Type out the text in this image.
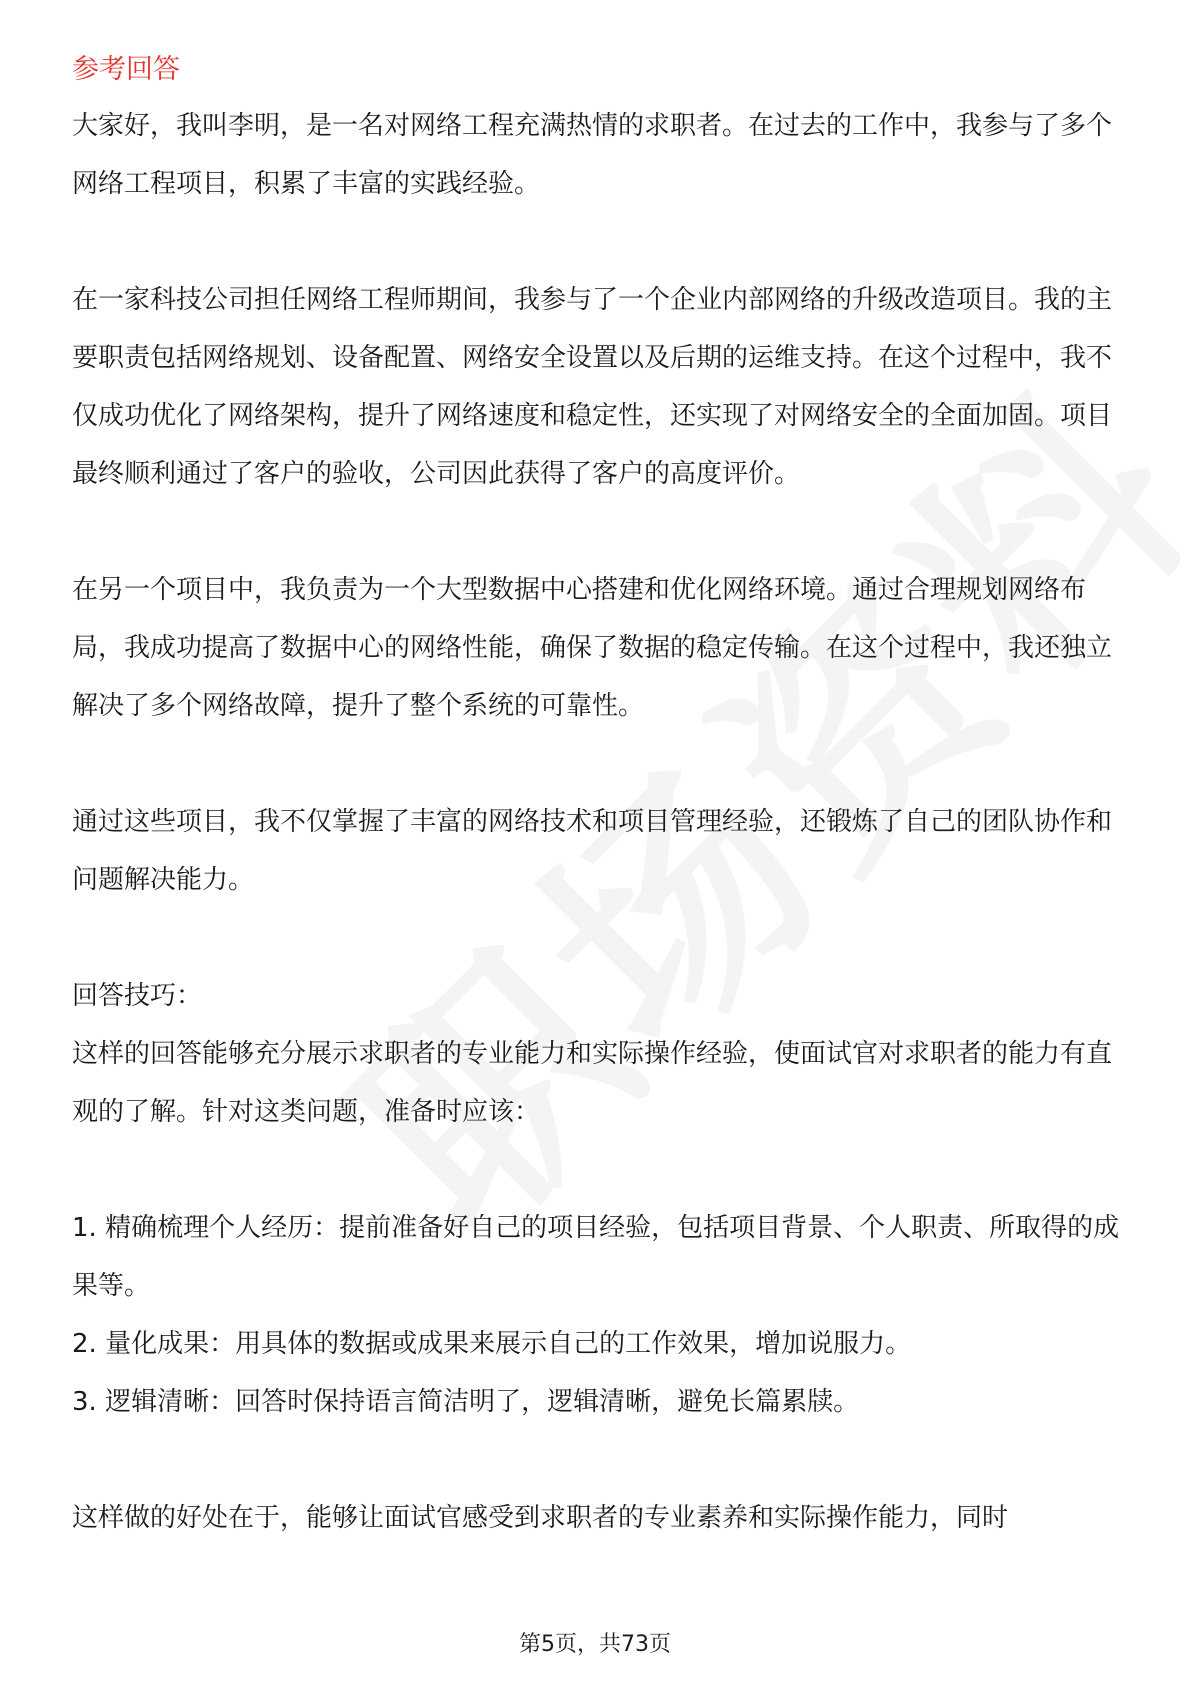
参考回答

大家好，我叫李明，是一名对网络工程充满热情的求职者。在过去的工作中，我参与了多个网络工程项目，积累了丰富的实践经验。

在一家科技公司担任网络工程师期间，我参与了一个企业内部网络的升级改造项目。我的主要职责包括网络规划、设备配置、网络安全设置以及后期的运维支持。在这个过程中，我不仅成功优化了网络架构，提升了网络速度和稳定性，还实现了对网络安全的全面加固。项目最终顺利通过了客户的验收，公司因此获得了客户的高度评价。

在另一个项目中，我负责为一个大型数据中心搭建和优化网络环境。通过合理规划网络布局，我成功提高了数据中心的网络性能，确保了数据的稳定传输。在这个过程中，我还独立解决了多个网络故障，提升了整个系统的可靠性。

通过这些项目，我不仅掌握了丰富的网络技术和项目管理经验，还锻炼了自己的团队协作和问题解决能力。

回答技巧：

这样的回答能够充分展示求职者的专业能力和实际操作经验，使面试官对求职者的能力有直观的了解。针对这类问题，准备时应该：

1. 精确梳理个人经历：提前准备好自己的项目经验，包括项目背景、个人职责、所取得的成果等。
2. 量化成果：用具体的数据或成果来展示自己的工作效果，增加说服力。
3. 逻辑清晰：回答时保持语言简洁明了，逻辑清晰，避免长篇累牍。

这样做的好处在于，能够让面试官感受到求职者的专业素养和实际操作能力，同时

第5页，共73页
